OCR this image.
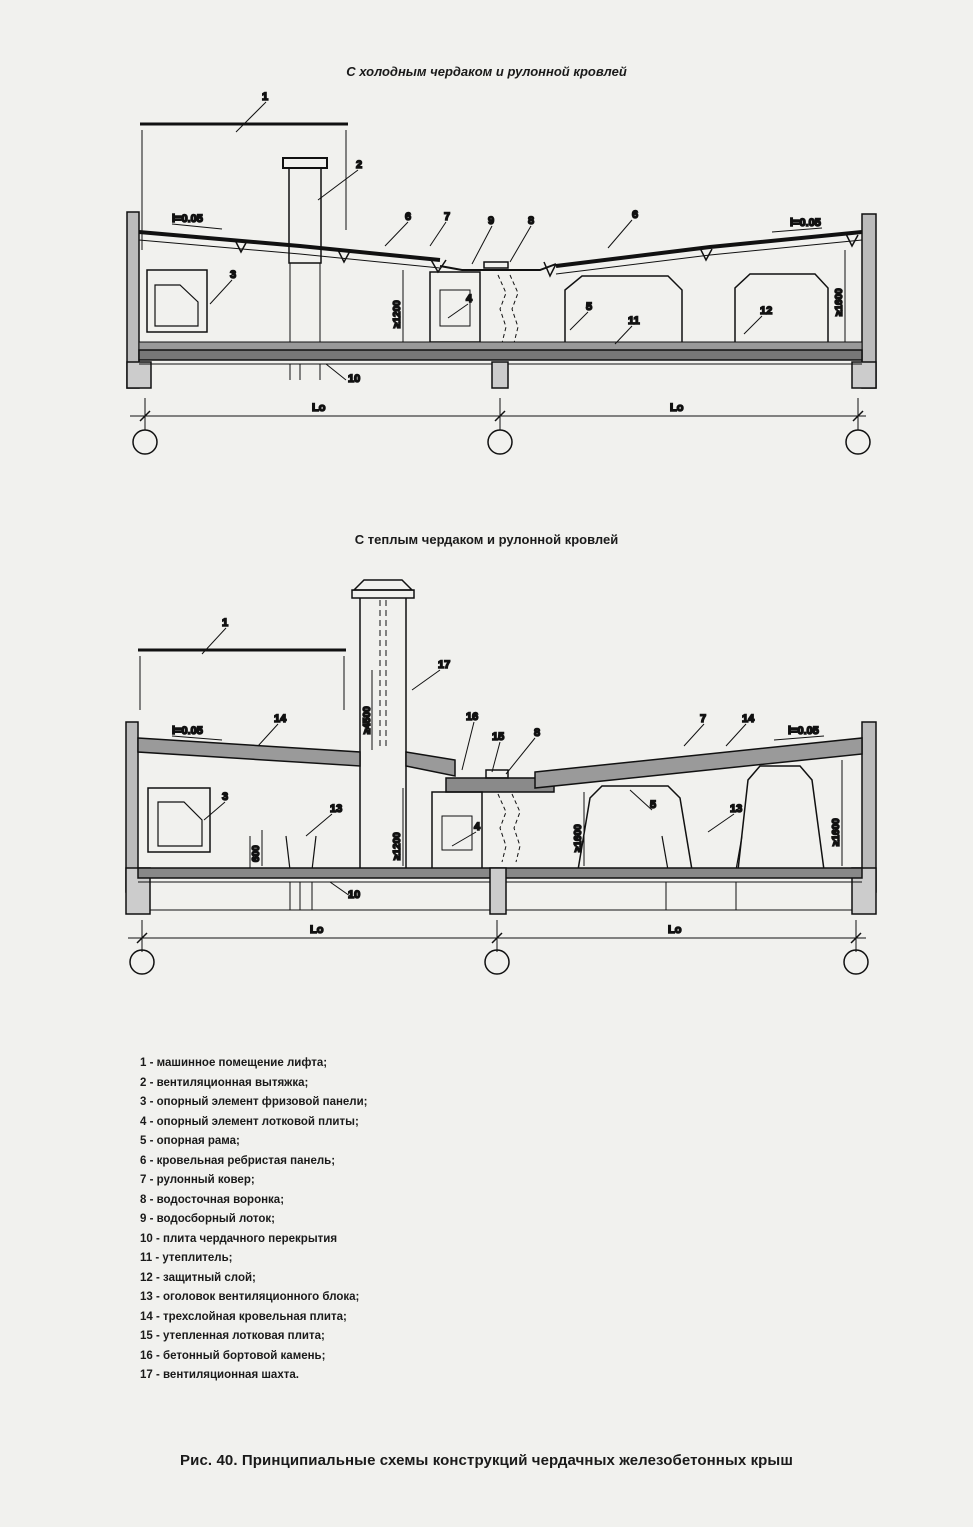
С холодным чердаком и рулонной кровлей
1
2
3
4
5
6	7	8
9
10
11
12
6
i=0.05	i=0.05
≥1200	≥1600
Lo	Lo
С теплым чердаком и рулонной кровлей
1
17
14	16
15	8
3
13
4
5	13
7	14
10
i=0.05	i=0.05
≥4500
≥1200
600
≥1600	≥1600
Lo	Lo
1 - машинное помещение лифта;
2 - вентиляционная вытяжка;
3 - опорный элемент фризовой панели;
4 - опорный элемент лотковой плиты;
5 - опорная рама;
6 - кровельная ребристая панель;
7 - рулонный ковер;
8 - водосточная воронка;
9 - водосборный лоток;
10 - плита чердачного перекрытия
11 - утеплитель;
12 - защитный слой;
13 - оголовок вентиляционного блока;
14 - трехслойная кровельная плита;
15 - утепленная лотковая плита;
16 - бетонный бортовой камень;
17 - вентиляционная шахта.
Рис. 40. Принципиальные схемы конструкций чердачных железобетонных крыш
